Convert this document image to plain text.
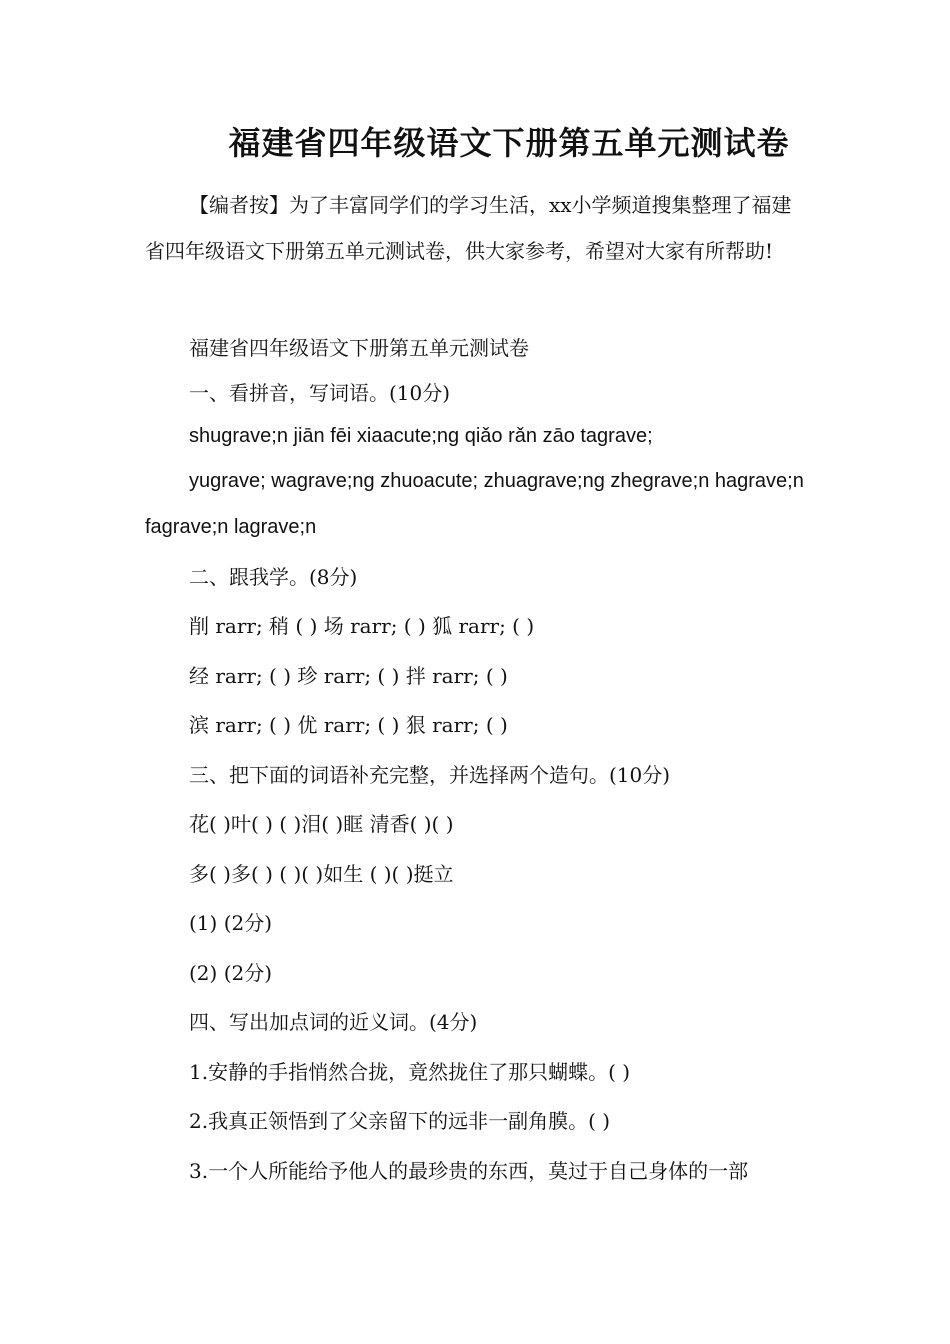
福建省四年级语文下册第五单元测试卷

【编者按】为了丰富同学们的学习生活，xx小学频道搜集整理了福建省四年级语文下册第五单元测试卷，供大家参考，希望对大家有所帮助!

福建省四年级语文下册第五单元测试卷

一、看拼音，写词语。(10分)

shugrave;n jiān fēi xiaacute;ng qiǎo rǎn zāo tagrave;

yugrave; wagrave;ng zhuoacute; zhuagrave;ng zhegrave;n hagrave;n fagrave;n lagrave;n

二、跟我学。(8分)

削 rarr; 稍 ( ) 场 rarr; ( ) 狐 rarr; ( )

经 rarr; ( ) 珍 rarr; ( ) 拌 rarr; ( )

滨 rarr; ( ) 优 rarr; ( ) 狠 rarr; ( )

三、把下面的词语补充完整，并选择两个造句。(10分)

花( )叶( ) ( )泪( )眶 清香( )( )

多( )多( ) ( )( )如生 ( )( )挺立

(1) (2分)

(2) (2分)

四、写出加点词的近义词。(4分)

1.安静的手指悄然合拢，竟然拢住了那只蝴蝶。( )

2.我真正领悟到了父亲留下的远非一副角膜。( )

3.一个人所能给予他人的最珍贵的东西，莫过于自己身体的一部
